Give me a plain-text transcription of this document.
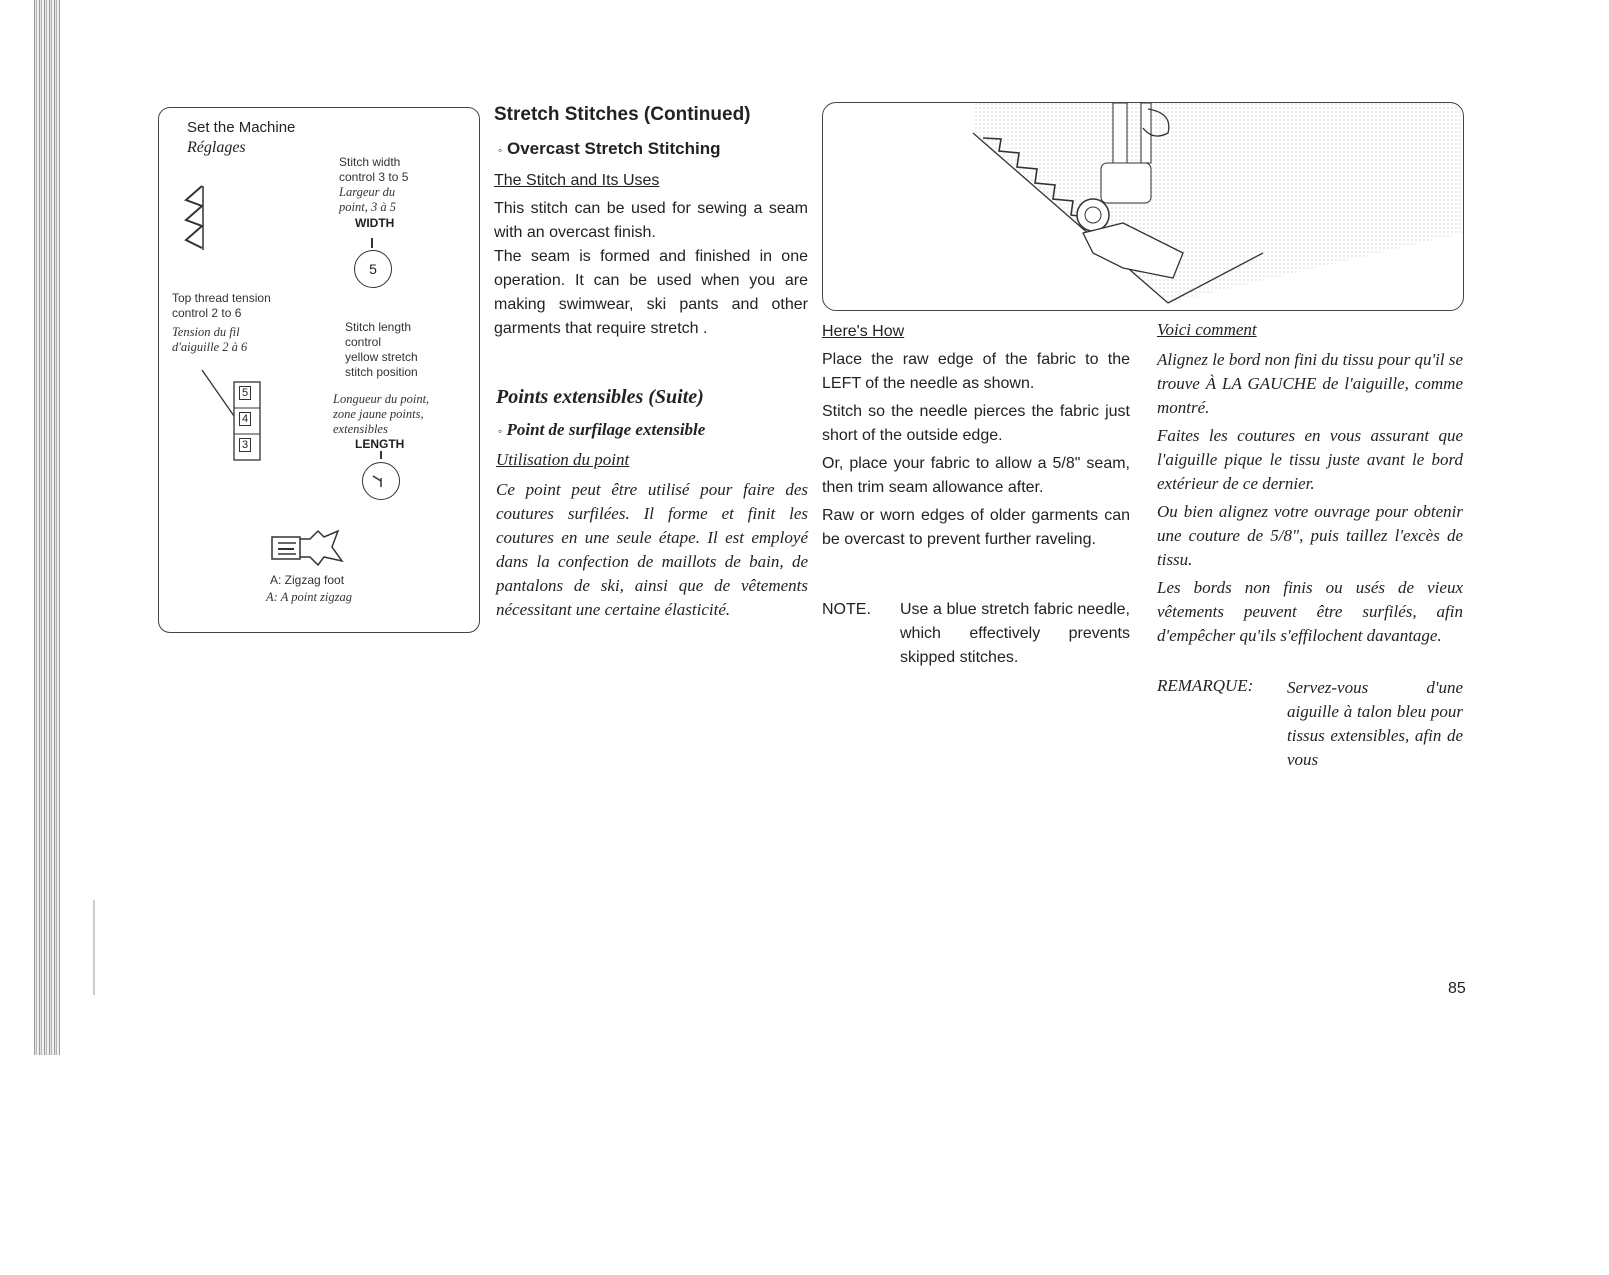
Set the Machine
Réglages
Stitch width
control 3 to 5
Largeur du
point, 3 à 5
WIDTH
5
Top thread tension
control 2 to 6
Tension du fil
d'aiguille 2 à 6
5
4
3
Stitch length
control
yellow stretch
stitch position
Longueur du point,
zone jaune points,
extensibles
LENGTH
A: Zigzag foot
A: A point zigzag
Stretch Stitches (Continued)
◦ Overcast Stretch Stitching
The Stitch and Its Uses

This stitch can be used for sewing a seam with an overcast finish.

The seam is formed and finished in one operation. It can be used when you are making swimwear, ski pants and other garments that require stretch .

Points extensibles (Suite)
◦ Point de surfilage extensible
Utilisation du point
Ce point peut être utilisé pour faire des coutures surfilées. Il forme et finit les coutures en une seule étape. Il est employé dans la confection de maillots de bain, de pantalons de ski, ainsi que de vêtements nécessitant une certaine élasticité.
Here's How

Place the raw edge of the fabric to the LEFT of the needle as shown.

Stitch so the needle pierces the fabric just short of the outside edge.

Or, place your fabric to allow a 5/8" seam, then trim seam allowance after.

Raw or worn edges of older garments can be overcast to prevent further raveling.

NOTE. Use a blue stretch fabric needle, which effectively prevents skipped stitches.
Voici comment

Alignez le bord non fini du tissu pour qu'il se trouve À LA GAUCHE de l'aiguille, comme montré.

Faites les coutures en vous assurant que l'aiguille pique le tissu juste avant le bord extérieur de ce dernier.

Ou bien alignez votre ouvrage pour obtenir une couture de 5/8", puis taillez l'excès de tissu.

Les bords non finis ou usés de vieux vêtements peuvent être surfilés, afin d'empêcher qu'ils s'effilochent davantage.

REMARQUE: Servez-vous d'une aiguille à talon bleu pour tissus extensibles, afin de vous
85
